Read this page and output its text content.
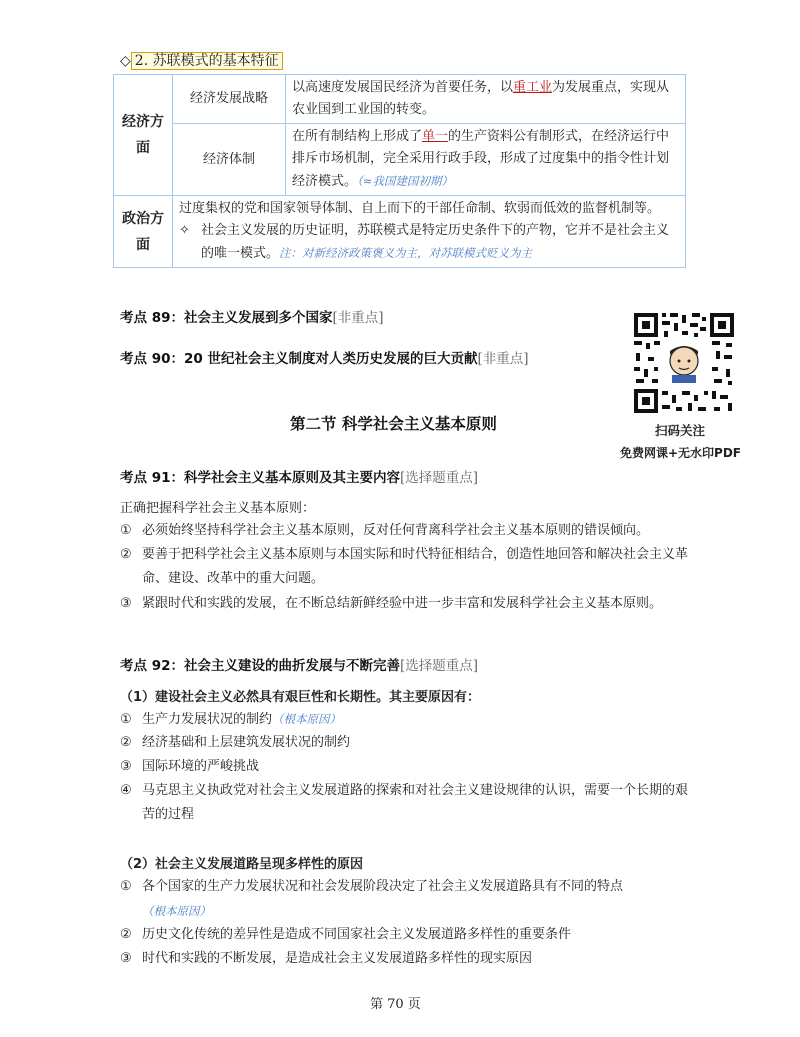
◇ 2. 苏联模式的基本特征
经济方面	经济发展战略	以高速度发展国民经济为首要任务，以重工业为发展重点，实现从农业国到工业国的转变。
	经济体制	在所有制结构上形成了单一的生产资料公有制形式，在经济运行中排斥市场机制，完全采用行政手段，形成了过度集中的指令性计划经济模式。（≈我国建国初期）
政治方面	过度集权的党和国家领导体制、自上而下的干部任命制、软弱而低效的监督机制等。
✧ 社会主义发展的历史证明，苏联模式是特定历史条件下的产物，它并不是社会主义的唯一模式。注：对新经济政策褒义为主，对苏联模式贬义为主	
考点 89：社会主义发展到多个国家[非重点]
考点 90：20 世纪社会主义制度对人类历史发展的巨大贡献[非重点]
扫码关注
免费网课+无水印PDF
第二节 科学社会主义基本原则
考点 91：科学社会主义基本原则及其主要内容[选择题重点]
正确把握科学社会主义基本原则：
① 必须始终坚持科学社会主义基本原则，反对任何背离科学社会主义基本原则的错误倾向。
② 要善于把科学社会主义基本原则与本国实际和时代特征相结合，创造性地回答和解决社会主义革命、建设、改革中的重大问题。
③ 紧跟时代和实践的发展，在不断总结新鲜经验中进一步丰富和发展科学社会主义基本原则。
考点 92：社会主义建设的曲折发展与不断完善[选择题重点]
（1）建设社会主义必然具有艰巨性和长期性。其主要原因有：
① 生产力发展状况的制约（根本原因）
② 经济基础和上层建筑发展状况的制约
③ 国际环境的严峻挑战
④ 马克思主义执政党对社会主义发展道路的探索和对社会主义建设规律的认识，需要一个长期的艰苦的过程
（2）社会主义发展道路呈现多样性的原因
① 各个国家的生产力发展状况和社会发展阶段决定了社会主义发展道路具有不同的特点（根本原因）
② 历史文化传统的差异性是造成不同国家社会主义发展道路多样性的重要条件
③ 时代和实践的不断发展，是造成社会主义发展道路多样性的现实原因
第 70 页
